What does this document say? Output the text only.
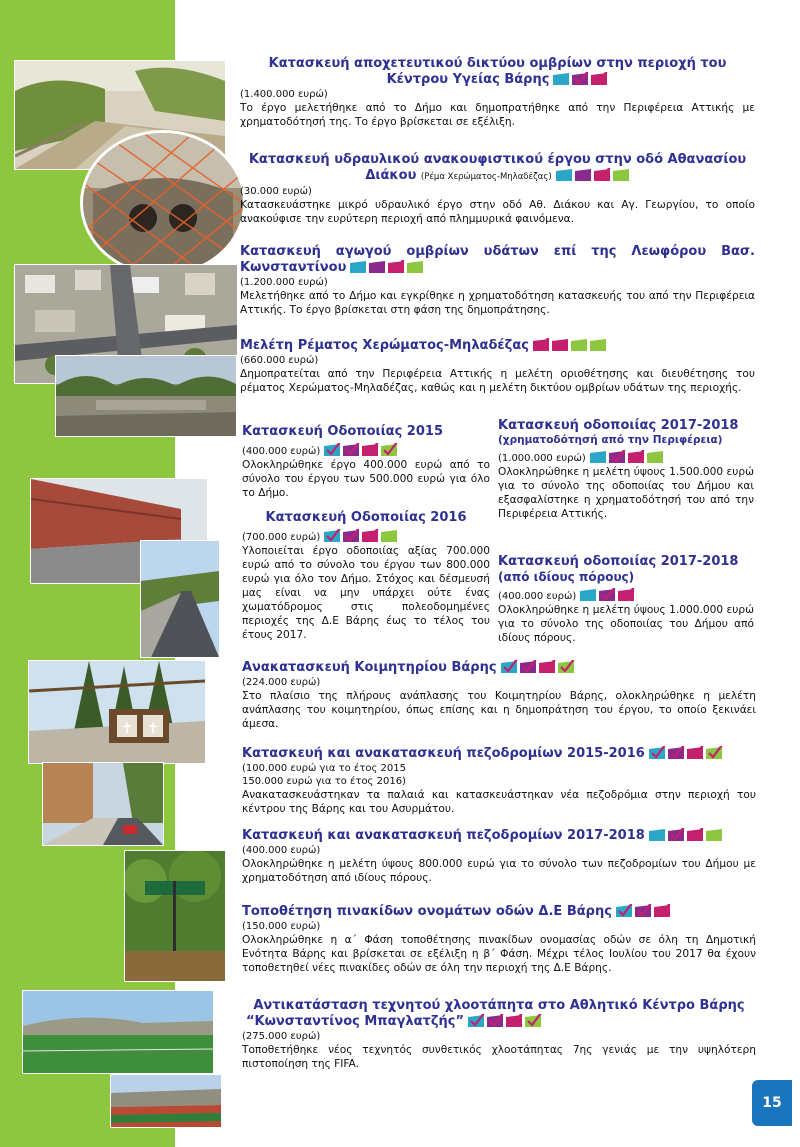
✝ ✝

Κατασκευή αποχετευτικού δικτύου ομβρίων στην περιοχή του Κέντρου Υγείας Βάρης

(1.400.000 ευρώ)

Το έργο μελετήθηκε από το Δήμο και δημοπρατήθηκε από την Περιφέρεια Αττικής με χρηματοδότησή της. Το έργο βρίσκεται σε εξέλιξη.

Κατασκευή υδραυλικού ανακουφιστικού έργου στην οδό Αθανασίου Διάκου (Ρέμα Χερώματος-Μηλαδέζας)

(30.000 ευρώ)

Κατασκευάστηκε μικρό υδραυλικό έργο στην οδό Αθ. Διάκου και Αγ. Γεωργίου, το οποίο ανακούφισε την ευρύτερη περιοχή από πλημμυρικά φαινόμενα.

Κατασκευή αγωγού ομβρίων υδάτων επί της Λεωφόρου Βασ. Κωνσταντίνου

(1.200.000 ευρώ)

Μελετήθηκε από το Δήμο και εγκρίθηκε η χρηματοδότηση κατασκευής του από την Περιφέρεια Αττικής. Το έργο βρίσκεται στη φάση της δημοπράτησης.

Μελέτη Ρέματος Χερώματος-Μηλαδέζας

(660.000 ευρώ)

Δημοπρατείται από την Περιφέρεια Αττικής η μελέτη οριοθέτησης και διευθέτησης του ρέματος Χερώματος-Μηλαδέζας, καθώς και η μελέτη δικτύου ομβρίων υδάτων της περιοχής.

Κατασκευή Οδοποιίας 2015

(400.000 ευρώ)

Ολοκληρώθηκε έργο 400.000 ευρώ από το σύνολο του έργου των 500.000 ευρώ για όλο το Δήμο.

Κατασκευή Οδοποιίας 2016

(700.000 ευρώ)

Υλοποιείται έργο οδοποιίας αξίας 700.000 ευρώ από το σύνολο του έργου των 800.000 ευρώ για όλο τον Δήμο. Στόχος και δέσμευσή μας είναι να μην υπάρχει ούτε ένας χωματόδρομος στις πολεοδομημένες περιοχές της Δ.Ε Βάρης έως το τέλος του έτους 2017.

Κατασκευή οδοποιίας 2017-2018

(χρηματοδότησή από την Περιφέρεια)
(1.000.000 ευρώ)

Ολοκληρώθηκε η μελέτη ύψους 1.500.000 ευρώ για το σύνολο της οδοποιίας του Δήμου και εξασφαλίστηκε η χρηματοδότησή του από την Περιφέρεια Αττικής.

Κατασκευή οδοποιίας 2017-2018

(από ιδίους πόρους)
(400.000 ευρώ)

Ολοκληρώθηκε η μελέτη ύψους 1.000.000 ευρώ για το σύνολο της οδοποιίας του Δήμου από ιδίους πόρους.

Ανακατασκευή Κοιμητηρίου Βάρης

(224.000 ευρώ)

Στο πλαίσιο της πλήρους ανάπλασης του Κοιμητηρίου Βάρης, ολοκληρώθηκε η μελέτη ανάπλασης του κοιμητηρίου, όπως επίσης και η δημοπράτηση του έργου, το οποίο ξεκινάει άμεσα.

Κατασκευή και ανακατασκευή πεζοδρομίων 2015-2016

(100.000 ευρώ για το έτος 2015
150.000 ευρώ για το έτος 2016)

Ανακατασκευάστηκαν τα παλαιά και κατασκευάστηκαν νέα πεζοδρόμια στην περιοχή του κέντρου της Βάρης και του Ασυρμάτου.

Κατασκευή και ανακατασκευή πεζοδρομίων 2017-2018

(400.000 ευρώ)

Ολοκληρώθηκε η μελέτη ύψους 800.000 ευρώ για το σύνολο των πεζοδρομίων του Δήμου με χρηματοδότηση από ιδίους πόρους.

Τοποθέτηση πινακίδων ονομάτων οδών Δ.Ε Βάρης

(150.000 ευρώ)

Ολοκληρώθηκε η α΄ Φάση τοποθέτησης πινακίδων ονομασίας οδών σε όλη τη Δημοτική Ενότητα Βάρης και βρίσκεται σε εξέλιξη η β΄ Φάση. Μέχρι τέλος Ιουλίου του 2017 θα έχουν τοποθετηθεί νέες πινακίδες οδών σε όλη την περιοχή της Δ.Ε Βάρης.

Αντικατάσταση τεχνητού χλοοτάπητα στο Αθλητικό Κέντρο Βάρης

“Κωνσταντίνος Μπαγλατζής”

(275.000 ευρώ)

Τοποθετήθηκε νέος τεχνητός συνθετικός χλοοτάπητας 7ης γενιάς με την υψηλότερη πιστοποίηση της FIFA.

15
